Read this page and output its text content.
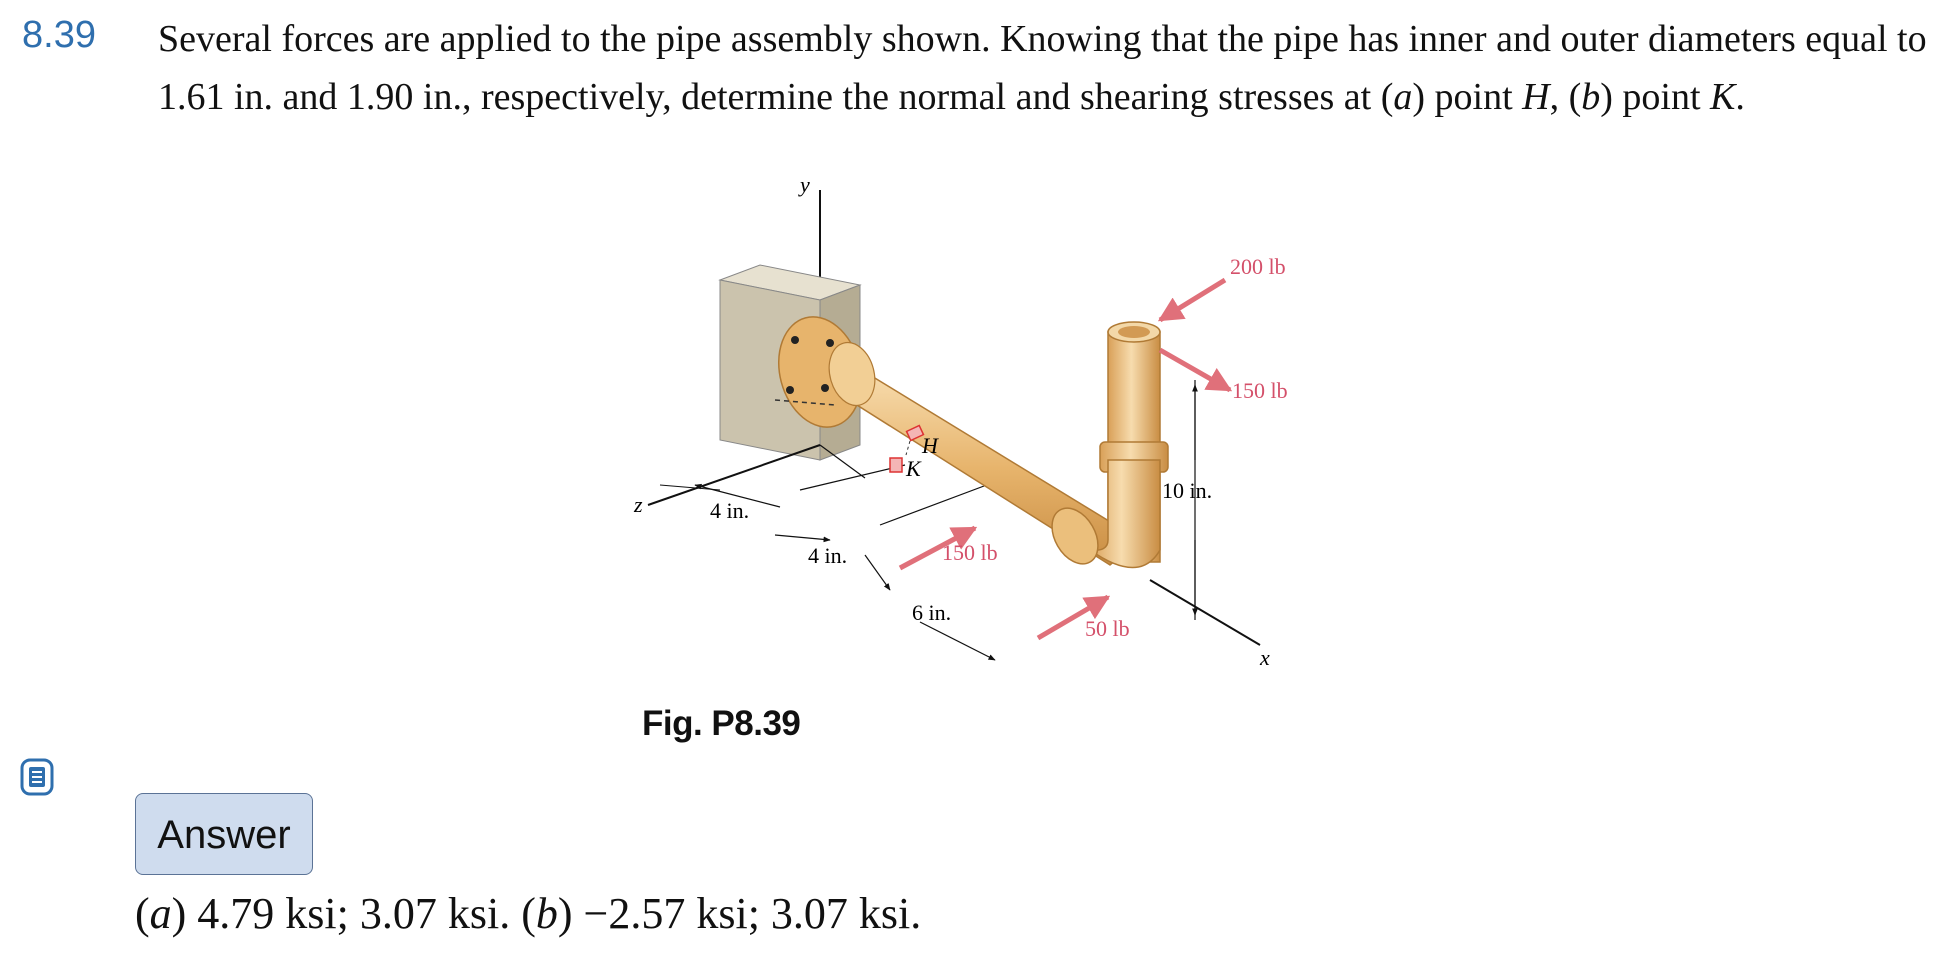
8.39 Several forces are applied to the pipe assembly shown. Knowing that the pipe has inner and outer diameters equal to 1.61 in. and 1.90 in., respectively, determine the normal and shearing stresses at (a) point H, (b) point K.
y
z
H
K
x
4 in.
4 in.
6 in.
10 in.
200 lb
150 lb
150 lb
50 lb
Fig. P8.39
Answer
(a) 4.79 ksi; 3.07 ksi. (b) −2.57 ksi; 3.07 ksi.
